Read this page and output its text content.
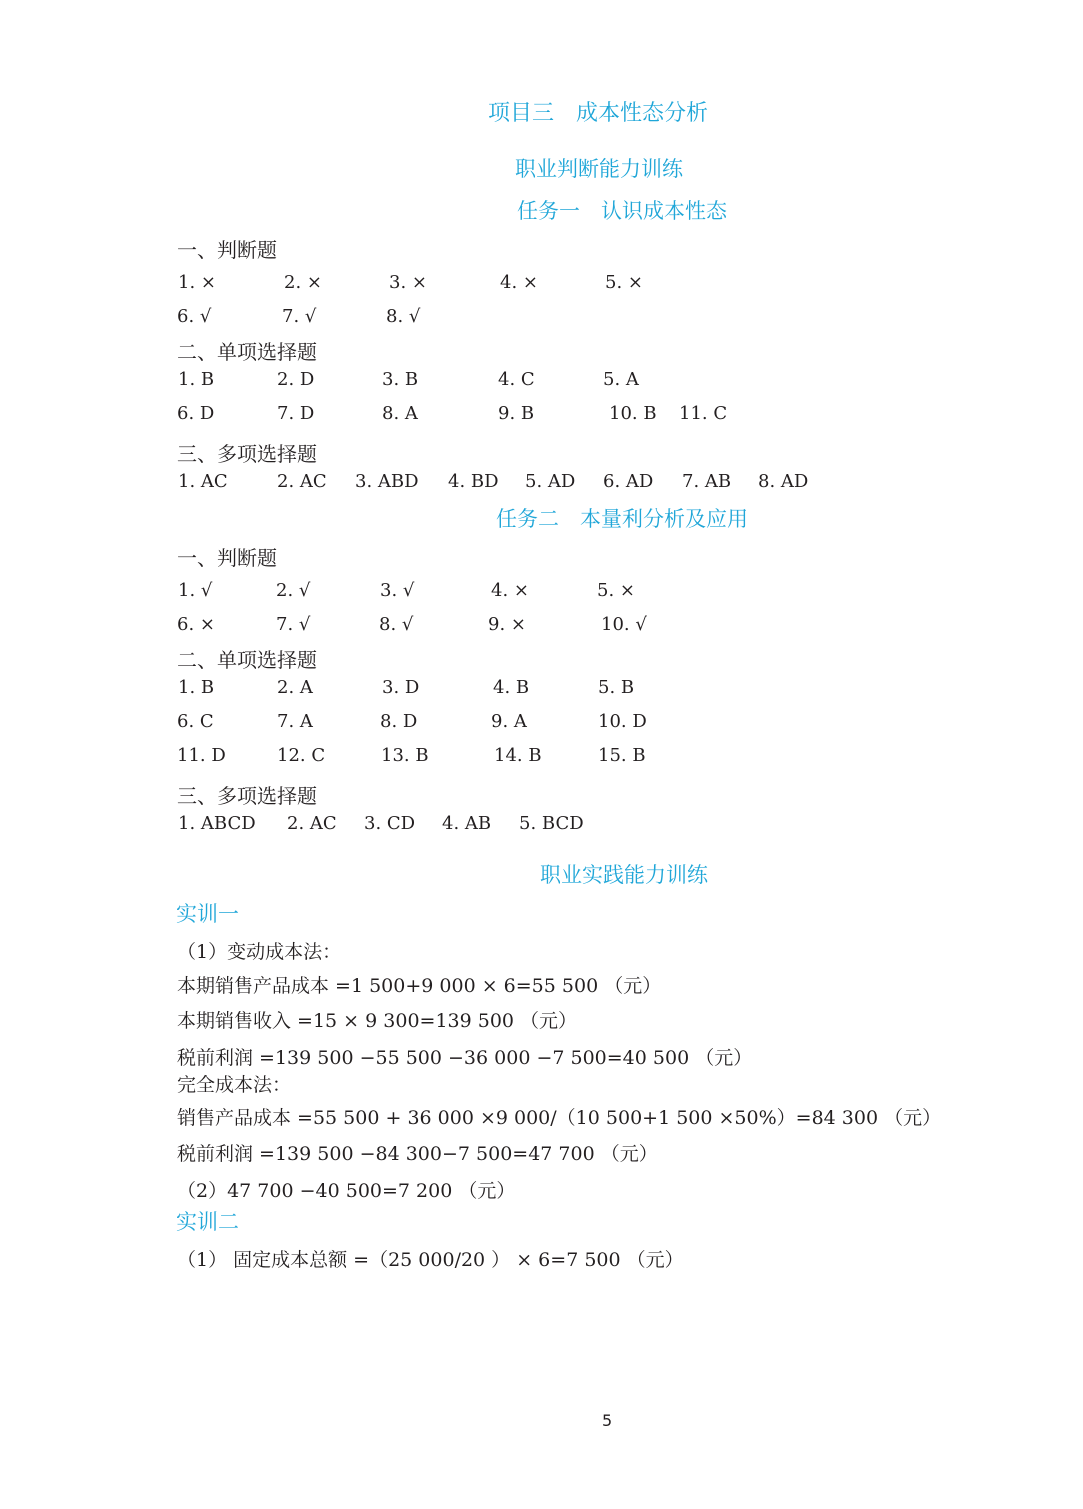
项目三　成本性态分析
职业判断能力训练
任务一　认识成本性态
一、判断题
1. ×	2. ×	3. ×	4. ×	5. ×
6. √	7. √	8. √
二、单项选择题
1. B	2. D	3. B	4. C	5. A
6. D	7. D	8. A	9. B	10. B 11. C
三、多项选择题
1. AC	2. AC 3. ABD 4. BD 5. AD 6. AD 7. AB 8. AD
任务二　本量利分析及应用
一、判断题
1. √	2. √	3. √	4. ×	5. ×
6. ×	7. √	8. √	9. ×	10. √
二、单项选择题
1. B	2. A	3. D	4. B	5. B
6. C	7. A	8. D	9. A	10. D
11. D	12. C	13. B	14. B	15. B
三、多项选择题
1. ABCD 2. AC 3. CD 4. AB 5. BCD
职业实践能力训练
实训一
（1）变动成本法：
本期销售产品成本 =1 500+9 000 × 6=55 500 （元）
本期销售收入 =15 × 9 300=139 500 （元）
税前利润 =139 500 −55 500 −36 000 −7 500=40 500 （元）
完全成本法：
销售产品成本 =55 500 + 36 000 ×9 000/（10 500+1 500 ×50%）=84 300 （元）
税前利润 =139 500 −84 300−7 500=47 700 （元）
（2）47 700 −40 500=7 200 （元）
实训二
（1） 固定成本总额 =（25 000/20 ） × 6=7 500 （元）
5
